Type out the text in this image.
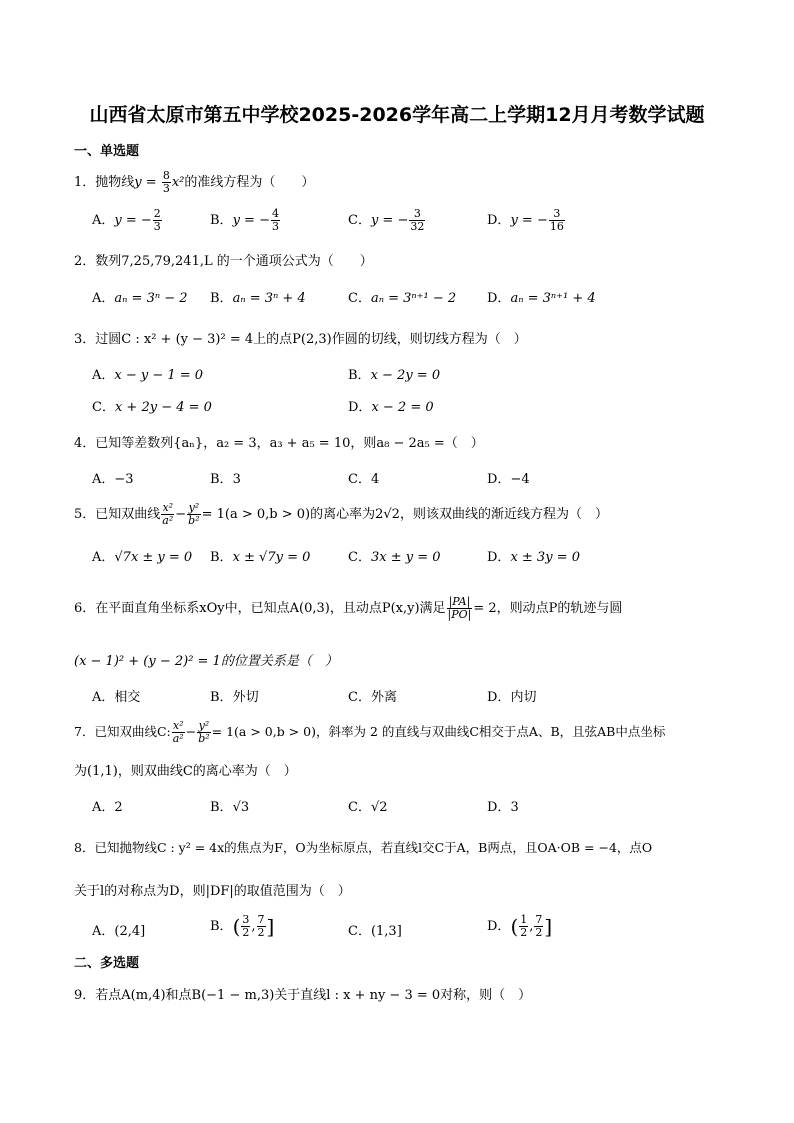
山西省太原市第五中学校2025-2026学年高二上学期12月月考数学试题
一、单选题
1．抛物线$y = \frac{8}{3} x^2$的准线方程为（　　）
A．y = − $\frac{2}{3}$	B．y = − $\frac{4}{3}$	C．y = − $\frac{3}{32}$	D．y = − $\frac{3}{16}$
2．数列7,25,79,241,L 的一个通项公式为（　　）
A．aₙ = 3ⁿ − 2 B．aₙ = 3ⁿ + 4	C．aₙ = 3ⁿ⁺¹ − 2 D．aₙ = 3ⁿ⁺¹ + 4
3．过圆C : x² + (y − 3)² = 4上的点P(2,3)作圆的切线，则切线方程为（　）
A．x − y − 1 = 0	B．x − 2y = 0
C．x + 2y − 4 = 0	D．x − 2 = 0
4．已知等差数列{aₙ}，a₂ = 3，a₃ + a₅ = 10，则a₈ − 2a₅ =（　）
A．−3	B．3	C．4	D．−4
5．已知双曲线 $\frac{\text{x²}}{\text{a²}} - \frac{\text{y²}}{\text{b²}} = 1(a > 0,b > 0)$的离心率为2√2，则该双曲线的渐近线方程为（　）
A．√7x ± y = 0 B．x ± √7y = 0	C．3x ± y = 0	D．x ± 3y = 0
6．在平面直角坐标系xOy中，已知点A(0,3)，且动点P(x,y)满足 $\frac{|PA|}{|PO|} = 2$，则动点P的轨迹与圆
(x − 1)² + (y − 2)² = 1的位置关系是（　）
A．相交	B．外切	C．外离	D．内切
7．已知双曲线C: $\frac{\text{x²}}{\text{a²}} - \frac{\text{y²}}{\text{b²}} = 1(a > 0,b > 0)$，斜率为 2 的直线与双曲线C相交于点A、B，且弦AB中点坐标
为(1,1)，则双曲线C的离心率为（　）
A．2	B．√3	C．√2	D．3
8．已知抛物线C : y² = 4x的焦点为F，O为坐标原点，若直线l交C于A，B两点，且OA·OB = −4，点O
关于l的对称点为D，则|DF|的取值范围为（　）
A．(2,4]	B．( $\frac{3}{2}$ , $\frac{7}{2}$ ]	C．(1,3]	D．( $\frac{1}{2}$ , $\frac{7}{2}$ ]
二、多选题
9．若点A(m,4)和点B(−1 − m,3)关于直线l : x + ny − 3 = 0对称，则（　）
